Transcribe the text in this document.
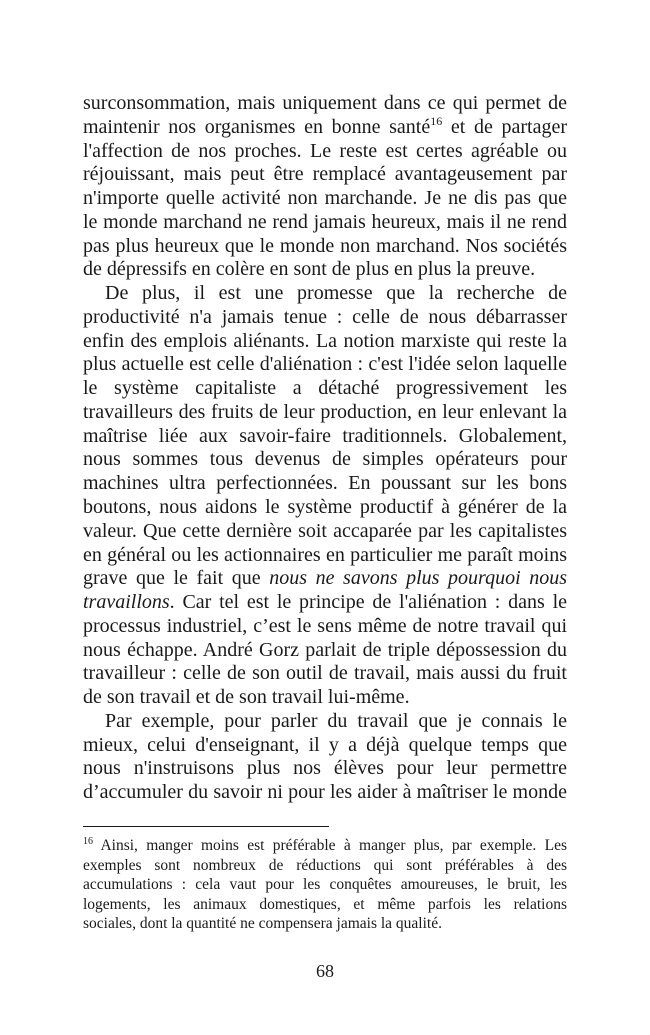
surconsommation, mais uniquement dans ce qui permet de
maintenir nos organismes en bonne santé$^{16}$ et de partager
l'affection de nos proches. Le reste est certes agréable ou
réjouissant, mais peut être remplacé avantageusement par
n'importe quelle activité non marchande. Je ne dis pas que
le monde marchand ne rend jamais heureux, mais il ne rend
pas plus heureux que le monde non marchand. Nos sociétés
de dépressifs en colère en sont de plus en plus la preuve.
De plus, il est une promesse que la recherche de
productivité n'a jamais tenue : celle de nous débarrasser
enfin des emplois aliénants. La notion marxiste qui reste la
plus actuelle est celle d'aliénation : c'est l'idée selon laquelle
le système capitaliste a détaché progressivement les
travailleurs des fruits de leur production, en leur enlevant la
maîtrise liée aux savoir-faire traditionnels. Globalement,
nous sommes tous devenus de simples opérateurs pour
machines ultra perfectionnées. En poussant sur les bons
boutons, nous aidons le système productif à générer de la
valeur. Que cette dernière soit accaparée par les capitalistes
en général ou les actionnaires en particulier me paraît moins
grave que le fait que nous ne savons plus pourquoi nous
travaillons. Car tel est le principe de l'aliénation : dans le
processus industriel, c’est le sens même de notre travail qui
nous échappe. André Gorz parlait de triple dépossession du
travailleur : celle de son outil de travail, mais aussi du fruit
de son travail et de son travail lui-même.
Par exemple, pour parler du travail que je connais le
mieux, celui d'enseignant, il y a déjà quelque temps que
nous n'instruisons plus nos élèves pour leur permettre
d’accumuler du savoir ni pour les aider à maîtriser le monde
$^{16}$ Ainsi, manger moins est préférable à manger plus, par exemple. Les
exemples sont nombreux de réductions qui sont préférables à des
accumulations : cela vaut pour les conquêtes amoureuses, le bruit, les
logements, les animaux domestiques, et même parfois les relations
sociales, dont la quantité ne compensera jamais la qualité.
68
